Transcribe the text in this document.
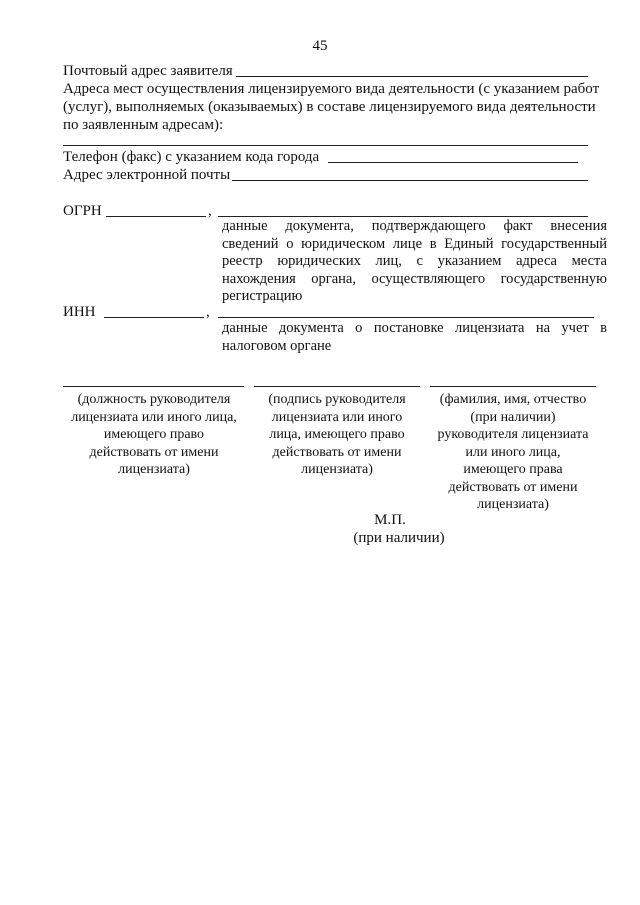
45
Почтовый адрес заявителя
Адреса мест осуществления лицензируемого вида деятельности (с указанием работ
(услуг), выполняемых (оказываемых) в составе лицензируемого вида деятельности
по заявленным адресам):
Телефон (факс) с указанием кода города
Адрес электронной почты
ОГРН	,
данные документа, подтверждающего факт внесения сведений о юридическом лице в Единый государственный реестр юридических лиц, с указанием адреса места нахождения органа, осуществляющего государственную регистрацию
ИНН	,
данные документа о постановке лицензиата на учет в налоговом органе
(должность руководителя
лицензиата или иного лица,
имеющего право
действовать от имени
лицензиата)
(подпись руководителя
лицензиата или иного
лица, имеющего право
действовать от имени
лицензиата)
(фамилия, имя, отчество
(при наличии)
руководителя лицензиата
или иного лица,
имеющего права
действовать от имени
лицензиата)
М.П.
(при наличии)
